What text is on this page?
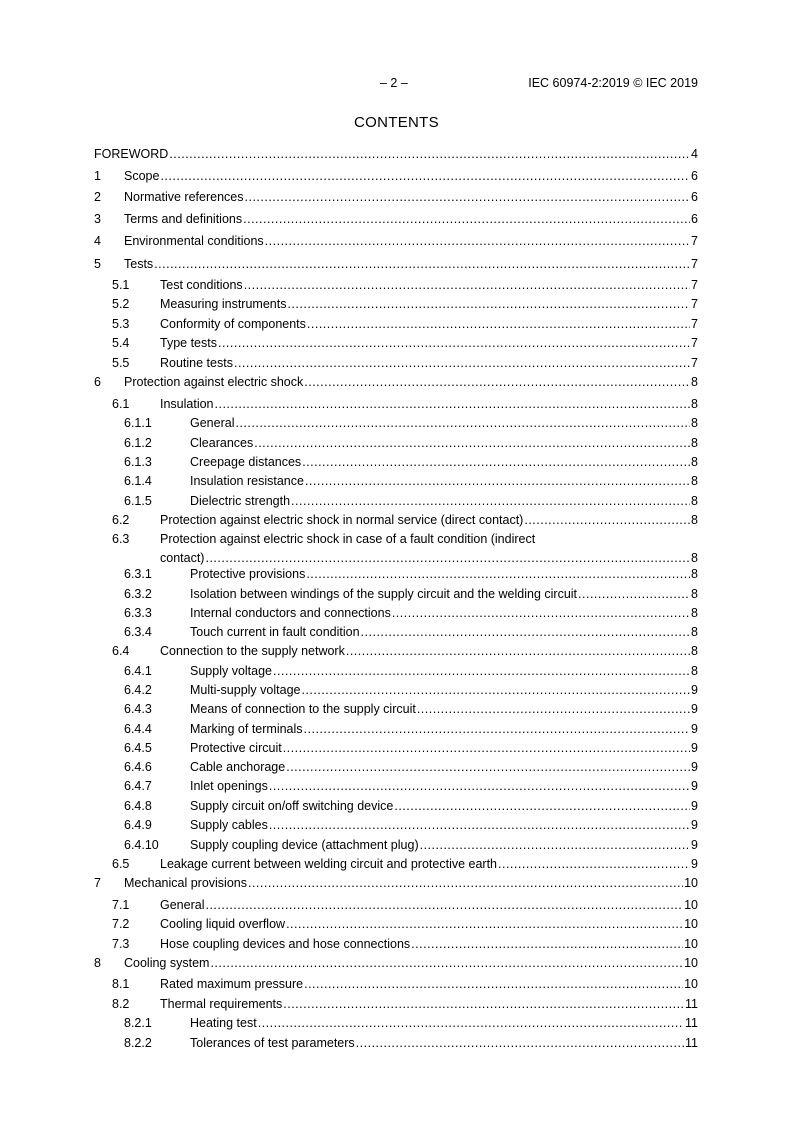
– 2 –	IEC 60974-2:2019 © IEC 2019
CONTENTS
FOREWORD .....	4
1	Scope .....	6
2	Normative references .....	6
3	Terms and definitions .....	6
4	Environmental conditions .....	7
5	Tests .....	7
5.1	Test conditions .....	7
5.2	Measuring instruments .....	7
5.3	Conformity of components .....	7
5.4	Type tests .....	7
5.5	Routine tests .....	7
6	Protection against electric shock .....	8
6.1	Insulation .....	8
6.1.1	General .....	8
6.1.2	Clearances .....	8
6.1.3	Creepage distances .....	8
6.1.4	Insulation resistance .....	8
6.1.5	Dielectric strength .....	8
6.2	Protection against electric shock in normal service (direct contact) .....	8
6.3	Protection against electric shock in case of a fault condition (indirect
contact) .....	8
6.3.1	Protective provisions .....	8
6.3.2	Isolation between windings of the supply circuit and the welding circuit .....	8
6.3.3	Internal conductors and connections .....	8
6.3.4	Touch current in fault condition .....	8
6.4	Connection to the supply network .....	8
6.4.1	Supply voltage .....	8
6.4.2	Multi-supply voltage .....	9
6.4.3	Means of connection to the supply circuit .....	9
6.4.4	Marking of terminals .....	9
6.4.5	Protective circuit .....	9
6.4.6	Cable anchorage .....	9
6.4.7	Inlet openings .....	9
6.4.8	Supply circuit on/off switching device .....	9
6.4.9	Supply cables .....	9
6.4.10	Supply coupling device (attachment plug) .....	9
6.5	Leakage current between welding circuit and protective earth .....	9
7	Mechanical provisions .....	10
7.1	General .....	10
7.2	Cooling liquid overflow .....	10
7.3	Hose coupling devices and hose connections .....	10
8	Cooling system .....	10
8.1	Rated maximum pressure .....	10
8.2	Thermal requirements .....	11
8.2.1	Heating test .....	11
8.2.2	Tolerances of test parameters .....	11
